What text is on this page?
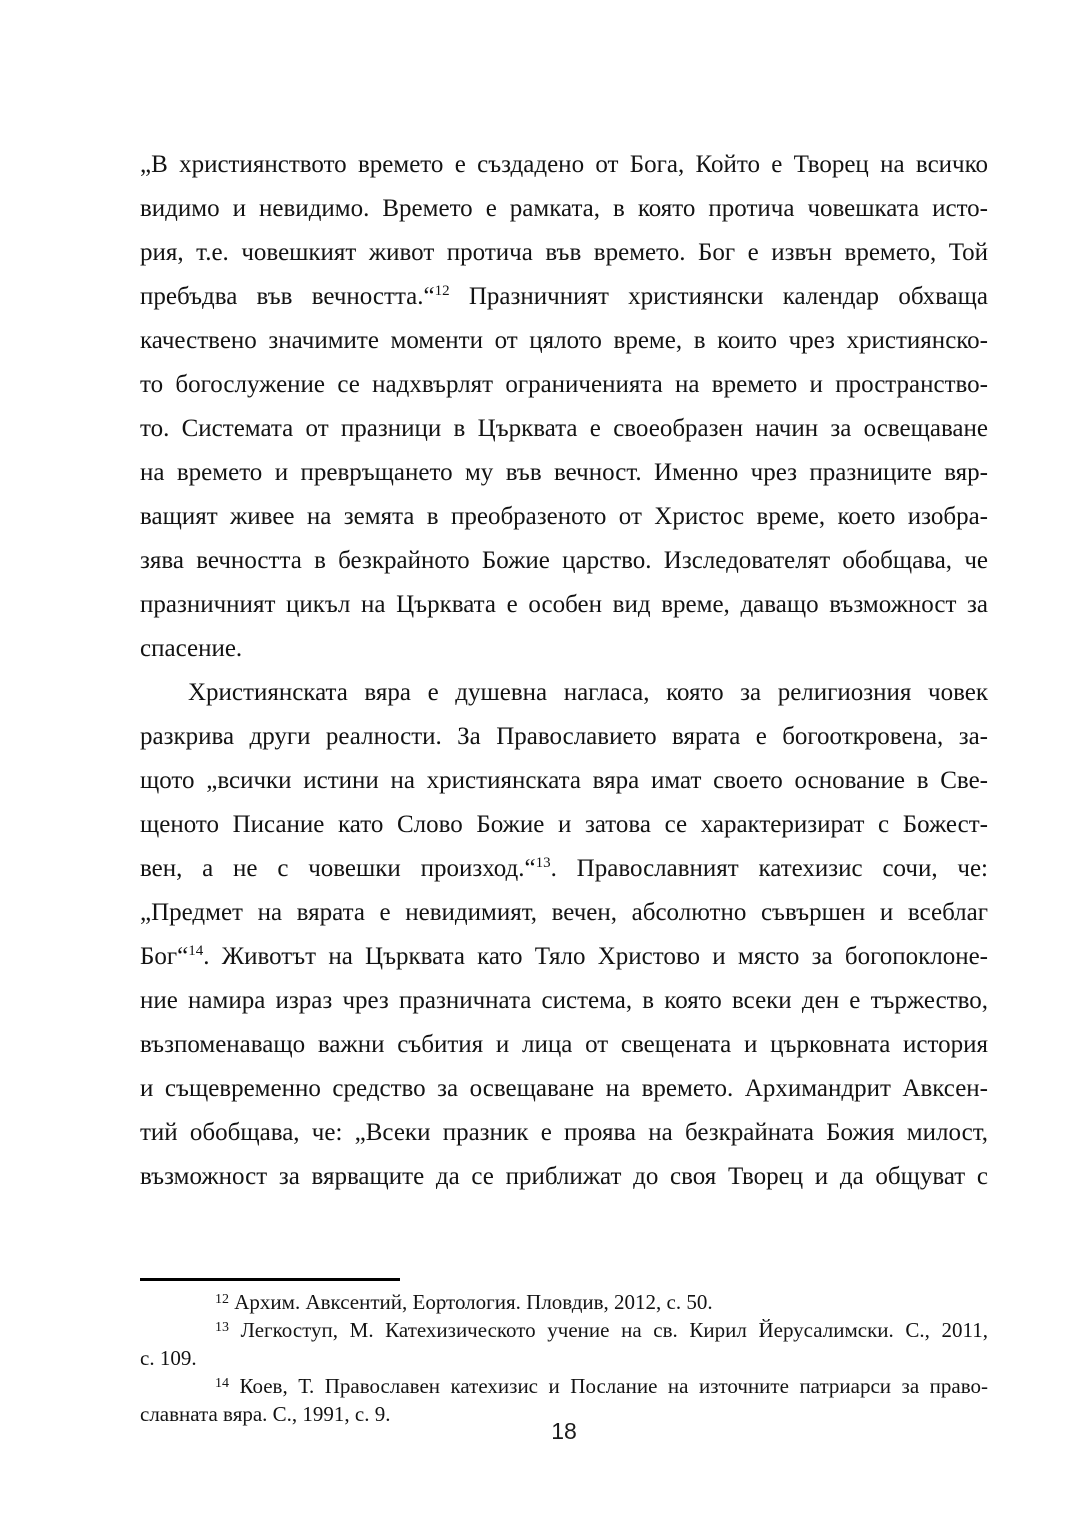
„В християнството времето е създадено от Бога, Който е Творец на всичко
видимо и невидимо. Времето е рамката, в която протича човешката исто-
рия, т.е. човешкият живот протича във времето. Бог е извън времето, Той
пребъдва във вечността.“$^{12}$ Празничният християнски календар обхваща
качествено значимите моменти от цялото време, в които чрез християнско-
то богослужение се надхвърлят ограниченията на времето и пространство-
то. Системата от празници в Църквата е своеобразен начин за освещаване
на времето и превръщането му във вечност. Именно чрез празниците вяр-
ващият живее на земята в преобразеното от Христос време, което изобра-
зява вечността в безкрайното Божие царство. Изследователят обобщава, че
празничният цикъл на Църквата е особен вид време, даващо възможност за
спасение.
Християнската вяра е душевна нагласа, която за религиозния човек
разкрива други реалности. За Православието вярата е богооткровена, за-
щото „всички истини на християнската вяра имат своето основание в Све-
щеното Писание като Слово Божие и затова се характеризират с Божест-
вен, а не с човешки произход.“$^{13}$. Православният катехизис сочи, че:
„Предмет на вярата е невидимият, вечен, абсолютно съвършен и всеблаг
Бог“$^{14}$. Животът на Църквата като Тяло Христово и място за богопоклоне-
ние намира израз чрез празничната система, в която всеки ден е тържество,
възпоменаващо важни събития и лица от свещената и църковната история
и същевременно средство за освещаване на времето. Архимандрит Авксен-
тий обобщава, че: „Всеки празник е проява на безкрайната Божия милост,
възможност за вярващите да се приближат до своя Творец и да общуват с
$^{12}$ Архим. Авксентий, Еортология. Пловдив, 2012, с. 50.
$^{13}$ Легкоступ, М. Катехизическото учение на св. Кирил Йерусалимски. С., 2011,
с. 109.
$^{14}$ Коев, Т. Православен катехизис и Послание на източните патриарси за право-
славната вяра. С., 1991, с. 9.
18
